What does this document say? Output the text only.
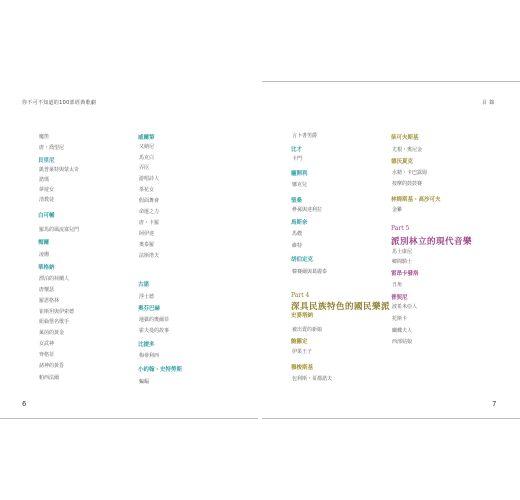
你不可不知道的100部經典歌劇	目 錄
6	7
魔笛
唐・喬望尼
貝里尼
凱普萊特與蒙太奇
諾瑪
夢遊女
清教徒
白可輔
羅馬的風流寡兒門
梅爾
凌珊
華格納
漂泊的荷蘭人
唐懷瑟
羅恩格林
崔斯坦與伊索德
紐倫堡名歌手
萊茵的黃金
女武神
齊格菲
諸神的黃昏
帕西法爾
威爾第
又納尼
馬克白
弄臣
游唱詩人
茶花女
假面舞會
命運之力
唐・卡羅
阿伊達
奧泰羅
法斯塔夫
古諾
浮士德
奧芬巴赫
地獄的奧爾菲
霍夫曼的故事
比捷多
梅蒂利西
小約翰・史特勞斯
蝙蝠
言卜書男爵
比才
卡門
龐開利
娜克兒
聖桑
參孫與達利拉
馬斯奈
馬儂
維特
胡伯定克
韓賽爾與葛麗泰
Part 4
深具民族特色的國民樂派
史麥塔納
被出賣的新娘
鮑羅定
伊果王子
穆梭斯基
包利斯・哥都諾夫
柴可夫斯基
尤根・奧尼金
德沃夏克
水精・卡巴露姆
按摩的鼓鼓賽
林姆斯基・高沙可夫
金雞
Part 5
派別林立的現代音樂
馬士康尼
鄉間騎士
雷昂卡發洛
丑角
普契尼
波希米亞人
托斯卡
蝴蝶夫人
西部姑娘
